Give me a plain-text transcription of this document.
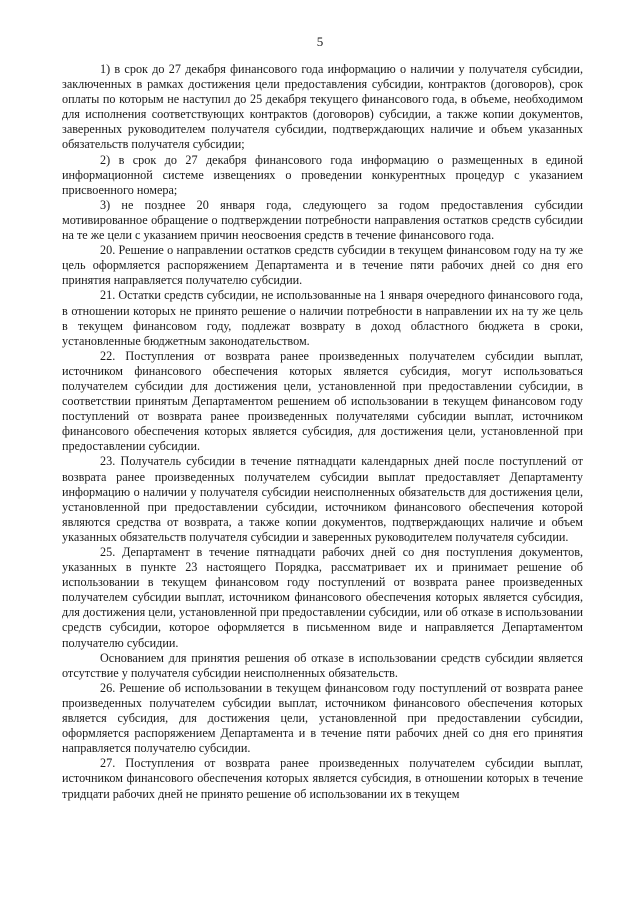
5

1) в срок до 27 декабря финансового года информацию о наличии у получателя субсидии, заключенных в рамках достижения цели предоставления субсидии, контрактов (договоров), срок оплаты по которым не наступил до 25 декабря текущего финансового года, в объеме, необходимом для исполнения соответствующих контрактов (договоров) субсидии, а также копии документов, заверенных руководителем получателя субсидии, подтверждающих наличие и объем указанных обязательств получателя субсидии;

2) в срок до 27 декабря финансового года информацию о размещенных в единой информационной системе извещениях о проведении конкурентных процедур с указанием присвоенного номера;

3) не позднее 20 января года, следующего за годом предоставления субсидии мотивированное обращение о подтверждении потребности направления остатков средств субсидии на те же цели с указанием причин неосвоения средств в течение финансового года.

20. Решение о направлении остатков средств субсидии в текущем финансовом году на ту же цель оформляется распоряжением Департамента и в течение пяти рабочих дней со дня его принятия направляется получателю субсидии.

21. Остатки средств субсидии, не использованные на 1 января очередного финансового года, в отношении которых не принято решение о наличии потребности в направлении их на ту же цель в текущем финансовом году, подлежат возврату в доход областного бюджета в сроки, установленные бюджетным законодательством.

22. Поступления от возврата ранее произведенных получателем субсидии выплат, источником финансового обеспечения которых является субсидия, могут использоваться получателем субсидии для достижения цели, установленной при предоставлении субсидии, в соответствии принятым Департаментом решением об использовании в текущем финансовом году поступлений от возврата ранее произведенных получателями субсидии выплат, источником финансового обеспечения которых является субсидия, для достижения цели, установленной при предоставлении субсидии.

23. Получатель субсидии в течение пятнадцати календарных дней после поступлений от возврата ранее произведенных получателем субсидии выплат предоставляет Департаменту информацию о наличии у получателя субсидии неисполненных обязательств для достижения цели, установленной при предоставлении субсидии, источником финансового обеспечения которой являются средства от возврата, а также копии документов, подтверждающих наличие и объем указанных обязательств получателя субсидии и заверенных руководителем получателя субсидии.

25. Департамент в течение пятнадцати рабочих дней со дня поступления документов, указанных в пункте 23 настоящего Порядка, рассматривает их и принимает решение об использовании в текущем финансовом году поступлений от возврата ранее произведенных получателем субсидии выплат, источником финансового обеспечения которых является субсидия, для достижения цели, установленной при предоставлении субсидии, или об отказе в использовании средств субсидии, которое оформляется в письменном виде и направляется Департаментом получателю субсидии.

Основанием для принятия решения об отказе в использовании средств субсидии является отсутствие у получателя субсидии неисполненных обязательств.

26. Решение об использовании в текущем финансовом году поступлений от возврата ранее произведенных получателем субсидии выплат, источником финансового обеспечения которых является субсидия, для достижения цели, установленной при предоставлении субсидии, оформляется распоряжением Департамента и в течение пяти рабочих дней со дня его принятия направляется получателю субсидии.

27. Поступления от возврата ранее произведенных получателем субсидии выплат, источником финансового обеспечения которых является субсидия, в отношении которых в течение тридцати рабочих дней не принято решение об использовании их в текущем
